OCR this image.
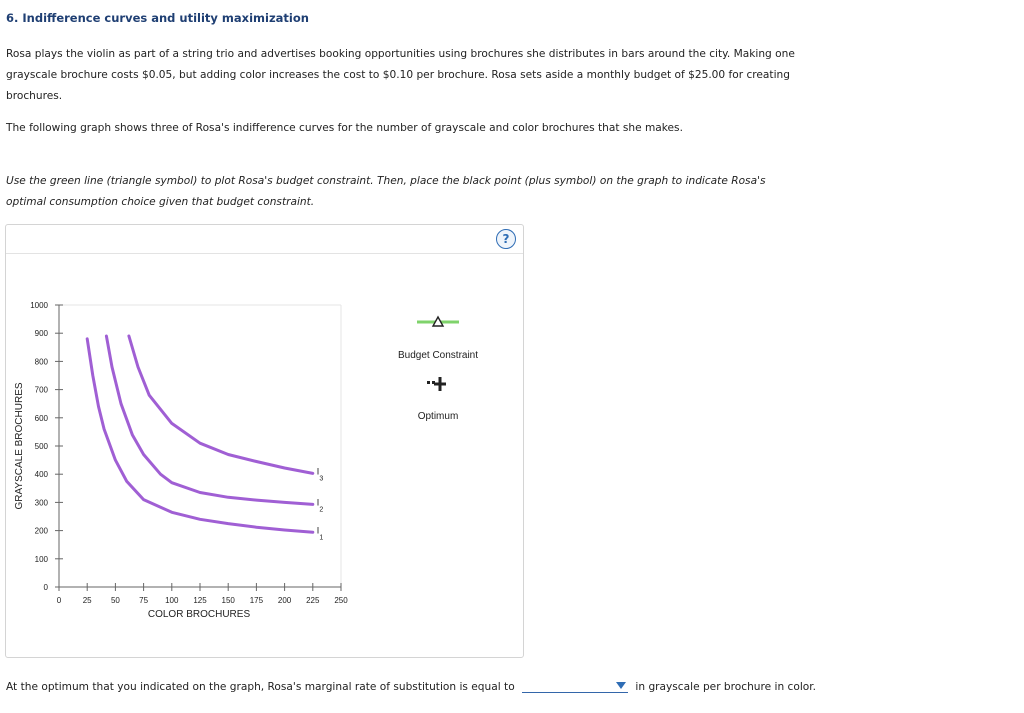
6. Indifference curves and utility maximization
Rosa plays the violin as part of a string trio and advertises booking opportunities using brochures she distributes in bars around the city. Making one grayscale brochure costs $0.05, but adding color increases the cost to $0.10 per brochure. Rosa sets aside a monthly budget of $25.00 for creating brochures.
The following graph shows three of Rosa's indifference curves for the number of grayscale and color brochures that she makes.
Use the green line (triangle symbol) to plot Rosa's budget constraint. Then, place the black point (plus symbol) on the graph to indicate Rosa's optimal consumption choice given that budget constraint.
?
0
100
200
300
400
500
600
700
800
900
1000
0	25 50 75 100 125 150 175 200 225 250
COLOR BROCHURES
GRAYSCALE BROCHURES
$I_1$
$I_2$
$I_3$
Budget Constraint
Optimum
At the optimum that you indicated on the graph, Rosa's marginal rate of substitution is equal to	in grayscale per brochure in color.
